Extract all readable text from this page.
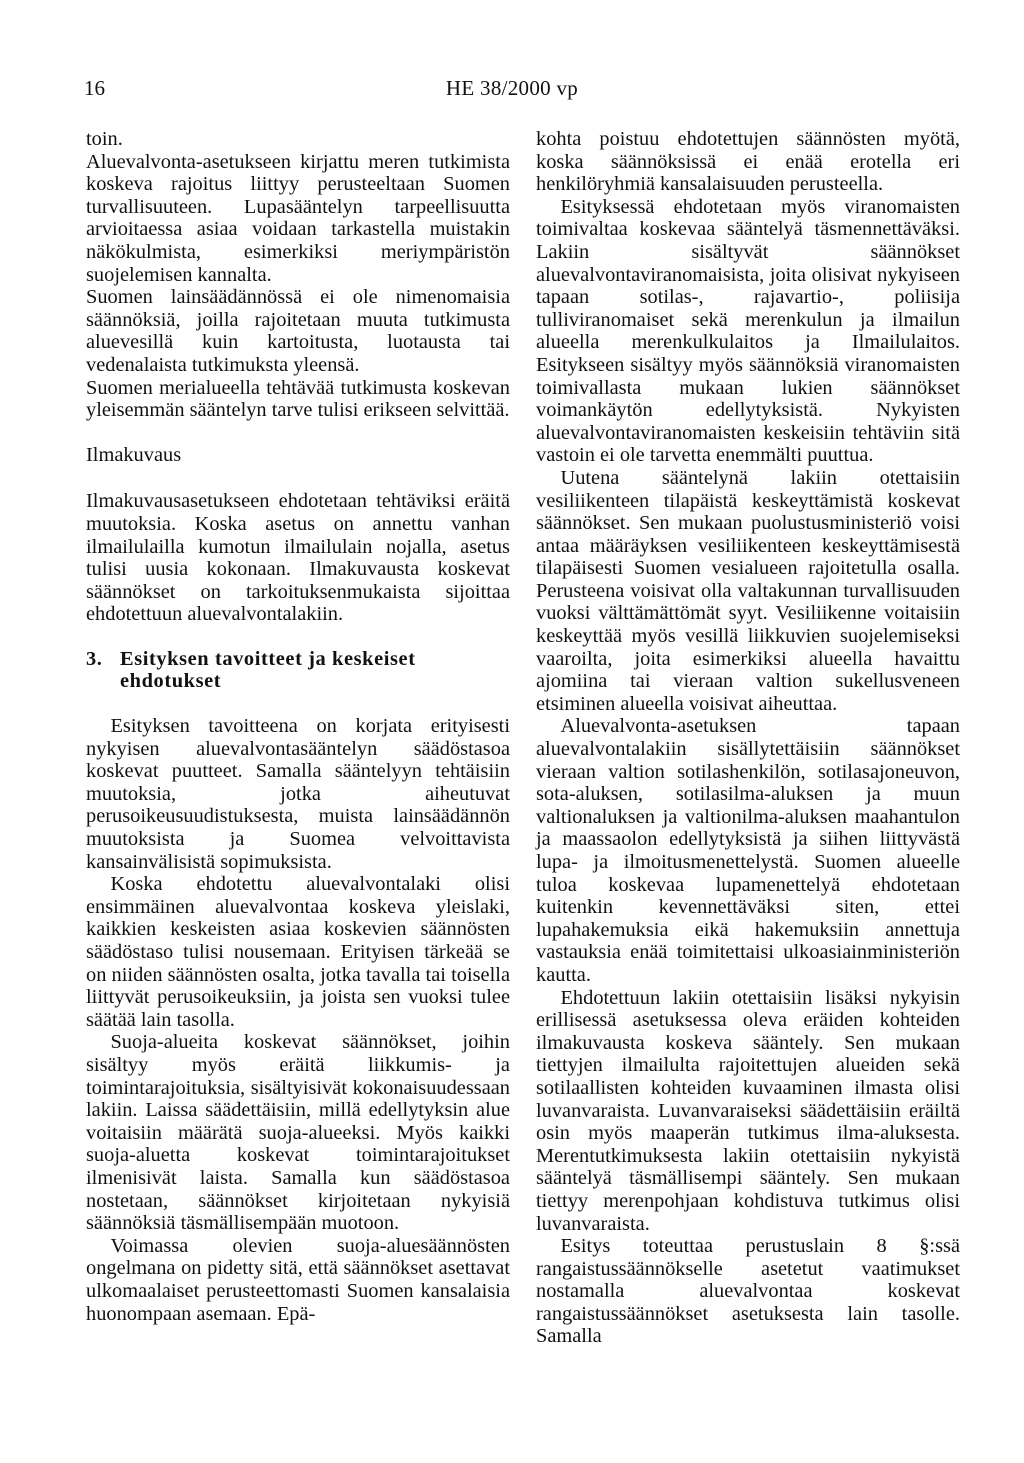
16	HE 38/2000 vp

toin.

Aluevalvonta-asetukseen kirjattu meren tutkimista koskeva rajoitus liittyy perusteeltaan Suomen turvallisuuteen. Lupasääntelyn tarpeellisuutta arvioitaessa asiaa voidaan tarkastella muistakin näkökulmista, esimerkiksi meriympäristön suojelemisen kannalta.

Suomen lainsäädännössä ei ole nimenomaisia säännöksiä, joilla rajoitetaan muuta tutkimusta aluevesillä kuin kartoitusta, luotausta tai vedenalaista tutkimuksta yleensä.

Suomen merialueella tehtävää tutkimusta koskevan yleisemmän sääntelyn tarve tulisi erikseen selvittää.

Ilmakuvaus

Ilmakuvausasetukseen ehdotetaan tehtäviksi eräitä muutoksia. Koska asetus on annettu vanhan ilmailulailla kumotun ilmailulain nojalla, asetus tulisi uusia kokonaan. Ilmakuvausta koskevat säännökset on tarkoituksenmukaista sijoittaa ehdotettuun aluevalvontalakiin.

3. Esityksen tavoitteet ja keskeiset ehdotukset

Esityksen tavoitteena on korjata erityisesti nykyisen aluevalvontasääntelyn säädöstasoa koskevat puutteet. Samalla sääntelyyn tehtäisiin muutoksia, jotka aiheutuvat perusoikeusuudistuksesta, muista lainsäädännön muutoksista ja Suomea velvoittavista kansainvälisistä sopimuksista.

Koska ehdotettu aluevalvontalaki olisi ensimmäinen aluevalvontaa koskeva yleislaki, kaikkien keskeisten asiaa koskevien säännösten säädöstaso tulisi nousemaan. Erityisen tärkeää se on niiden säännösten osalta, jotka tavalla tai toisella liittyvät perusoikeuksiin, ja joista sen vuoksi tulee säätää lain tasolla.

Suoja-alueita koskevat säännökset, joihin sisältyy myös eräitä liikkumis- ja toimintarajoituksia, sisältyisivät kokonaisuudessaan lakiin. Laissa säädettäisiin, millä edellytyksin alue voitaisiin määrätä suoja-alueeksi. Myös kaikki suoja-aluetta koskevat toimintarajoitukset ilmenisivät laista. Samalla kun säädöstasoa nostetaan, säännökset kirjoitetaan nykyisiä säännöksiä täsmällisempään muotoon.

Voimassa olevien suoja-aluesäännösten ongelmana on pidetty sitä, että säännökset asettavat ulkomaalaiset perusteettomasti Suomen kansalaisia huonompaan asemaan. Epä-

kohta poistuu ehdotettujen säännösten myötä, koska säännöksissä ei enää erotella eri henkilöryhmiä kansalaisuuden perusteella.

Esityksessä ehdotetaan myös viranomaisten toimivaltaa koskevaa sääntelyä täsmennettäväksi. Lakiin sisältyvät säännökset aluevalvontaviranomaisista, joita olisivat nykyiseen tapaan sotilas-, rajavartio-, poliisija tulliviranomaiset sekä merenkulun ja ilmailun alueella merenkulkulaitos ja Ilmailulaitos. Esitykseen sisältyy myös säännöksiä viranomaisten toimivallasta mukaan lukien säännökset voimankäytön edellytyksistä. Nykyisten aluevalvontaviranomaisten keskeisiin tehtäviin sitä vastoin ei ole tarvetta enemmälti puuttua.

Uutena sääntelynä lakiin otettaisiin vesiliikenteen tilapäistä keskeyttämistä koskevat säännökset. Sen mukaan puolustusministeriö voisi antaa määräyksen vesiliikenteen keskeyttämisestä tilapäisesti Suomen vesialueen rajoitetulla osalla. Perusteena voisivat olla valtakunnan turvallisuuden vuoksi välttämättömät syyt. Vesiliikenne voitaisiin keskeyttää myös vesillä liikkuvien suojelemiseksi vaaroilta, joita esimerkiksi alueella havaittu ajomiina tai vieraan valtion sukellusveneen etsiminen alueella voisivat aiheuttaa.

Aluevalvonta-asetuksen tapaan aluevalvontalakiin sisällytettäisiin säännökset vieraan valtion sotilashenkilön, sotilasajoneuvon, sota-aluksen, sotilasilma-aluksen ja muun valtionaluksen ja valtionilma-aluksen maahantulon ja maassaolon edellytyksistä ja siihen liittyvästä lupa- ja ilmoitusmenettelystä. Suomen alueelle tuloa koskevaa lupamenettelyä ehdotetaan kuitenkin kevennettäväksi siten, ettei lupahakemuksia eikä hakemuksiin annettuja vastauksia enää toimitettaisi ulkoasiainministeriön kautta.

Ehdotettuun lakiin otettaisiin lisäksi nykyisin erillisessä asetuksessa oleva eräiden kohteiden ilmakuvausta koskeva sääntely. Sen mukaan tiettyjen ilmailulta rajoitettujen alueiden sekä sotilaallisten kohteiden kuvaaminen ilmasta olisi luvanvaraista. Luvanvaraiseksi säädettäisiin eräiltä osin myös maaperän tutkimus ilma-aluksesta. Merentutkimuksesta lakiin otettaisiin nykyistä sääntelyä täsmällisempi sääntely. Sen mukaan tiettyy merenpohjaan kohdistuva tutkimus olisi luvanvaraista.

Esitys toteuttaa perustuslain 8 §:ssä rangaistussäännökselle asetetut vaatimukset nostamalla aluevalvontaa koskevat rangaistussäännökset asetuksesta lain tasolle. Samalla
